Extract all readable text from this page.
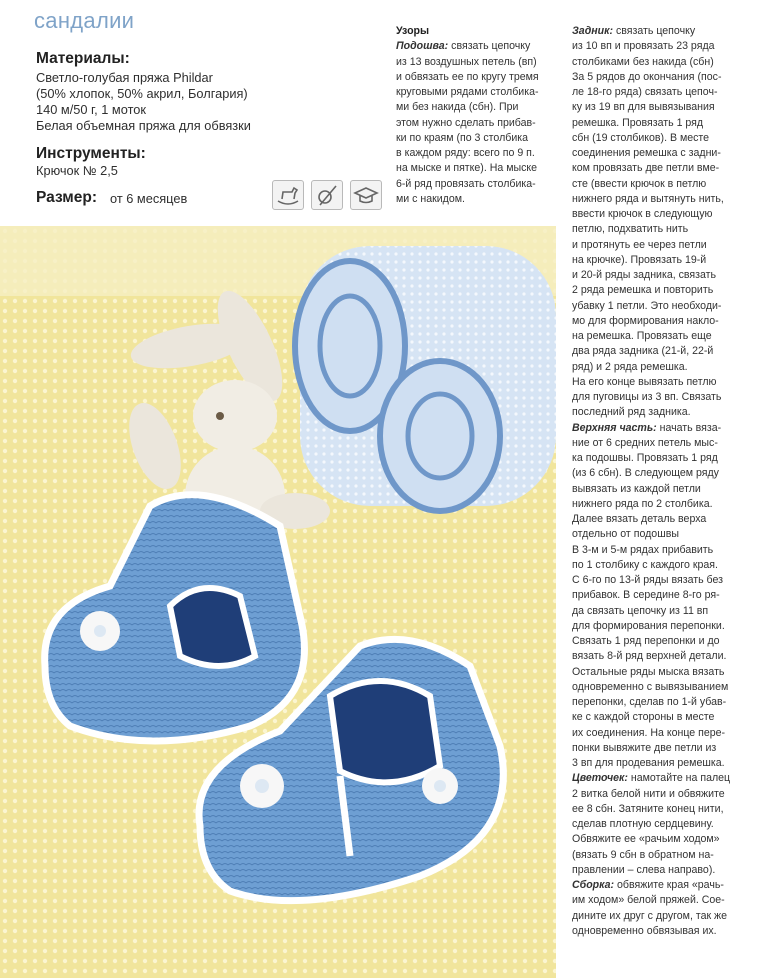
сандалии
Материалы:
Светло-голубая пряжа Phildar
(50% хлопок, 50% акрил, Болгария)
140 м/50 г, 1 моток
Белая объемная пряжа для обвязки
Инструменты:
Крючок № 2,5
Размер: от 6 месяцев

Узоры

Подошва: связать цепочку

из 13 воздушных петель (вп)

и обвязать ее по кругу тремя

круговыми рядами столбика-

ми без накида (сбн). При

этом нужно сделать прибав-

ки по краям (по 3 столбика

в каждом ряду: всего по 9 п.

на мыске и пятке). На мыске

6-й ряд провязать столбика-

ми с накидом.

Задник: связать цепочку

из 10 вп и провязать 23 ряда

столбиками без накида (сбн)

За 5 рядов до окончания (пос-

ле 18-го ряда) связать цепоч-

ку из 19 вп для вывязывания

ремешка. Провязать 1 ряд

сбн (19 столбиков). В месте

соединения ремешка с задни-

ком провязать две петли вме-

сте (ввести крючок в петлю

нижнего ряда и вытянуть нить,

ввести крючок в следующую

петлю, подхватить нить

и протянуть ее через петли

на крючке). Провязать 19-й

и 20-й ряды задника, связать

2 ряда ремешка и повторить

убавку 1 петли. Это необходи-

мо для формирования накло-

на ремешка. Провязать еще

два ряда задника (21-й, 22-й

ряд) и 2 ряда ремешка.

На его конце вывязать петлю

для пуговицы из 3 вп. Связать

последний ряд задника.

Верхняя часть: начать вяза-

ние от 6 средних петель мыс-

ка подошвы. Провязать 1 ряд

(из 6 сбн). В следующем ряду

вывязать из каждой петли

нижнего ряда по 2 столбика.

Далее вязать деталь верха

отдельно от подошвы

В 3-м и 5-м рядах прибавить

по 1 столбику с каждого края.

С 6-го по 13-й ряды вязать без

прибавок. В середине 8-го ря-

да связать цепочку из 11 вп

для формирования перепонки.

Связать 1 ряд перепонки и до

вязать 8-й ряд верхней детали.

Остальные ряды мыска вязать

одновременно с вывязыванием

перепонки, сделав по 1-й убав-

ке с каждой стороны в месте

их соединения. На конце пере-

понки вывяжите две петли из

3 вп для продевания ремешка.

Цветочек: намотайте на палец

2 витка белой нити и обвяжите

ее 8 сбн. Затяните конец нити,

сделав плотную сердцевину.

Обвяжите ее «рачьим ходом»

(вязать 9 сбн в обратном на-

правлении – слева направо).

Сборка: обвяжите края «рачь-

им ходом» белой пряжей. Сое-

дините их друг с другом, так же

одновременно обвязывая их.
